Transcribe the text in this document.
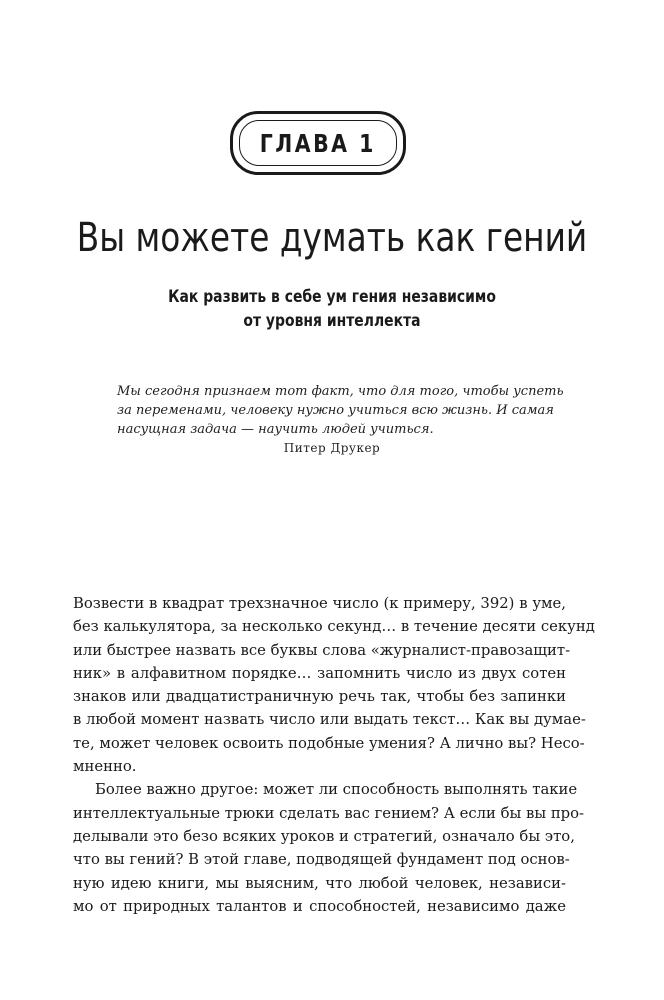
ГЛАВА 1
Вы можете думать как гений
Как развить в себе ум гения независимо
от уровня интеллекта
Мы сегодня признаем тот факт, что для того, чтобы успеть
за переменами, человеку нужно учиться всю жизнь. И самая
насущная задача — научить людей учиться.
Питер Друкер
Возвести в квадрат трехзначное число (к примеру, 392) в уме,
без калькулятора, за несколько секунд… в течение десяти секунд
или быстрее назвать все буквы слова «журналист-правозащит-
ник» в алфавитном порядке… запомнить число из двух сотен
знаков или двадцатистраничную речь так, чтобы без запинки
в любой момент назвать число или выдать текст… Как вы думае-
те, может человек освоить подобные умения? А лично вы? Несо-
мненно.
Более важно другое: может ли способность выполнять такие
интеллектуальные трюки сделать вас гением? А если бы вы про-
делывали это безо всяких уроков и стратегий, означало бы это,
что вы гений? В этой главе, подводящей фундамент под основ-
ную идею книги, мы выясним, что любой человек, независи-
мо от природных талантов и способностей, независимо даже
